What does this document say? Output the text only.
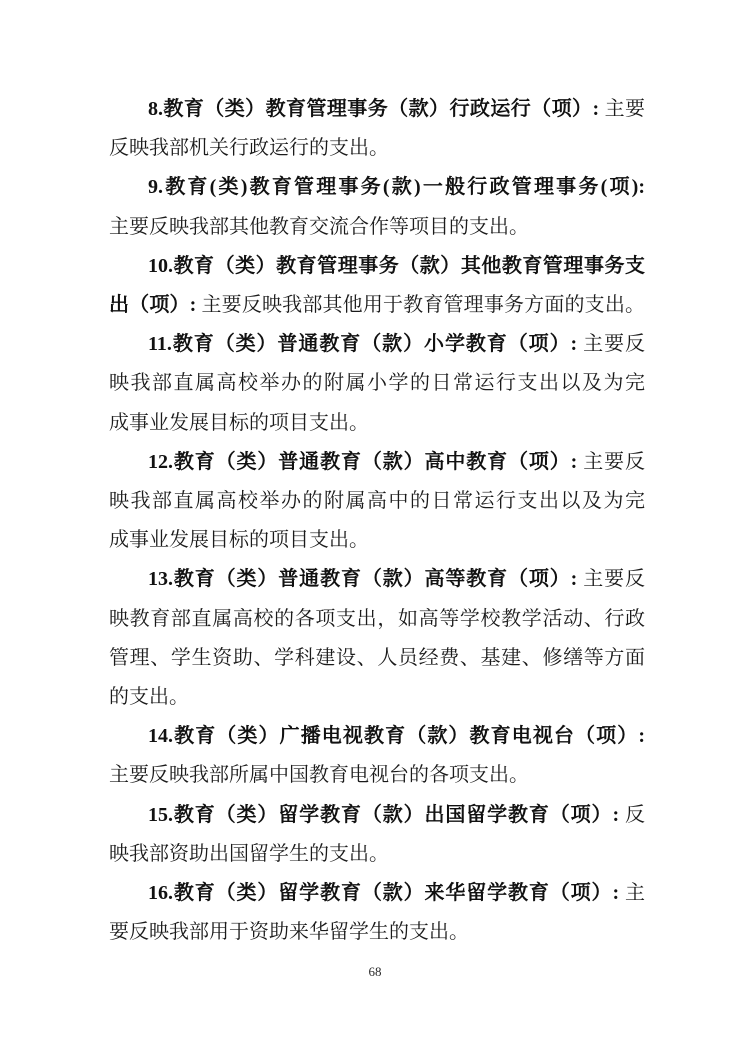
8.教育（类）教育管理事务（款）行政运行（项）: 主要
反映我部机关行政运行的支出。

9.教育(类)教育管理事务(款)一般行政管理事务(项):
主要反映我部其他教育交流合作等项目的支出。

10.教育（类）教育管理事务（款）其他教育管理事务支
出（项）: 主要反映我部其他用于教育管理事务方面的支出。

11.教育（类）普通教育（款）小学教育（项）: 主要反
映我部直属高校举办的附属小学的日常运行支出以及为完
成事业发展目标的项目支出。

12.教育（类）普通教育（款）高中教育（项）: 主要反
映我部直属高校举办的附属高中的日常运行支出以及为完
成事业发展目标的项目支出。

13.教育（类）普通教育（款）高等教育（项）: 主要反
映教育部直属高校的各项支出，如高等学校教学活动、行政
管理、学生资助、学科建设、人员经费、基建、修缮等方面
的支出。

14.教育（类）广播电视教育（款）教育电视台（项）:
主要反映我部所属中国教育电视台的各项支出。

15.教育（类）留学教育（款）出国留学教育（项）: 反
映我部资助出国留学生的支出。

16.教育（类）留学教育（款）来华留学教育（项）: 主
要反映我部用于资助来华留学生的支出。

68
